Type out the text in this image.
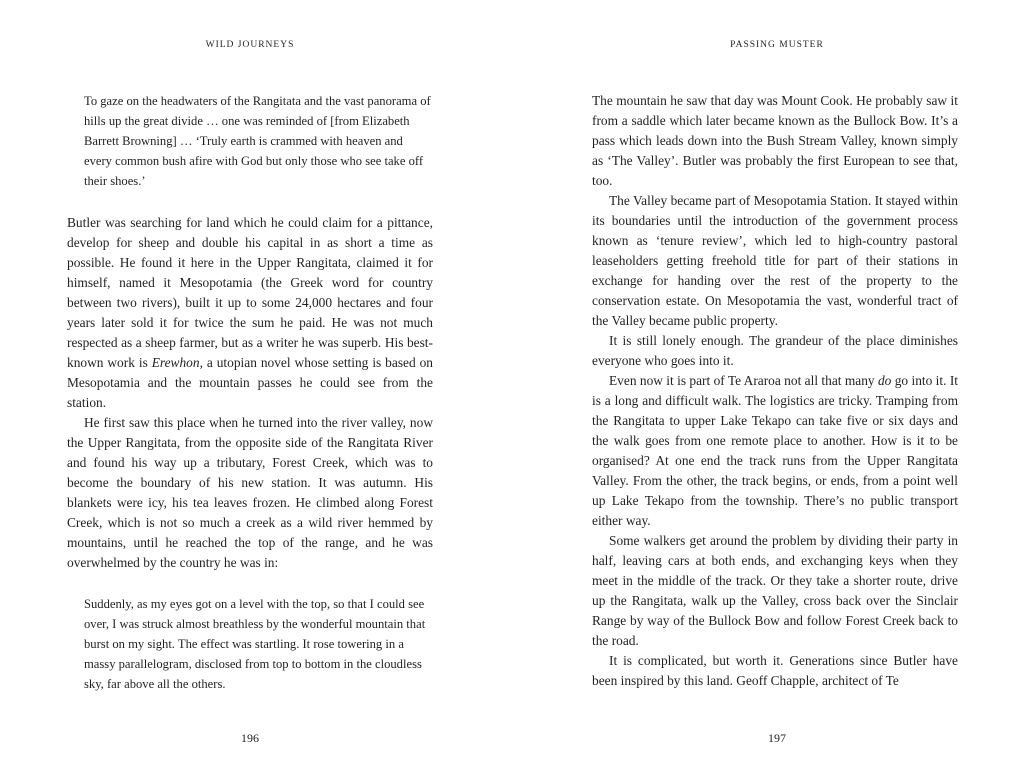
WILD JOURNEYS

To gaze on the headwaters of the Rangitata and the vast panorama of hills up the great divide … one was reminded of [from Elizabeth Barrett Browning] … ‘Truly earth is crammed with heaven and every common bush afire with God but only those who see take off their shoes.’

Butler was searching for land which he could claim for a pittance, develop for sheep and double his capital in as short a time as possible. He found it here in the Upper Rangitata, claimed it for himself, named it Mesopotamia (the Greek word for country between two rivers), built it up to some 24,000 hectares and four years later sold it for twice the sum he paid. He was not much respected as a sheep farmer, but as a writer he was superb. His best-known work is Erewhon, a utopian novel whose setting is based on Mesopotamia and the mountain passes he could see from the station.

He first saw this place when he turned into the river valley, now the Upper Rangitata, from the opposite side of the Rangitata River and found his way up a tributary, Forest Creek, which was to become the boundary of his new station. It was autumn. His blankets were icy, his tea leaves frozen. He climbed along Forest Creek, which is not so much a creek as a wild river hemmed by mountains, until he reached the top of the range, and he was overwhelmed by the country he was in:

Suddenly, as my eyes got on a level with the top, so that I could see over, I was struck almost breathless by the wonderful mountain that burst on my sight. The effect was startling. It rose towering in a massy parallelogram, disclosed from top to bottom in the cloudless sky, far above all the others.

196
PASSING MUSTER

The mountain he saw that day was Mount Cook. He probably saw it from a saddle which later became known as the Bullock Bow. It’s a pass which leads down into the Bush Stream Valley, known simply as ‘The Valley’. Butler was probably the first European to see that, too.

The Valley became part of Mesopotamia Station. It stayed within its boundaries until the introduction of the government process known as ‘tenure review’, which led to high-country pastoral leaseholders getting freehold title for part of their stations in exchange for handing over the rest of the property to the conservation estate. On Mesopotamia the vast, wonderful tract of the Valley became public property.

It is still lonely enough. The grandeur of the place diminishes everyone who goes into it.

Even now it is part of Te Araroa not all that many do go into it. It is a long and difficult walk. The logistics are tricky. Tramping from the Rangitata to upper Lake Tekapo can take five or six days and the walk goes from one remote place to another. How is it to be organised? At one end the track runs from the Upper Rangitata Valley. From the other, the track begins, or ends, from a point well up Lake Tekapo from the township. There’s no public transport either way.

Some walkers get around the problem by dividing their party in half, leaving cars at both ends, and exchanging keys when they meet in the middle of the track. Or they take a shorter route, drive up the Rangitata, walk up the Valley, cross back over the Sinclair Range by way of the Bullock Bow and follow Forest Creek back to the road.

It is complicated, but worth it. Generations since Butler have been inspired by this land. Geoff Chapple, architect of Te

197
